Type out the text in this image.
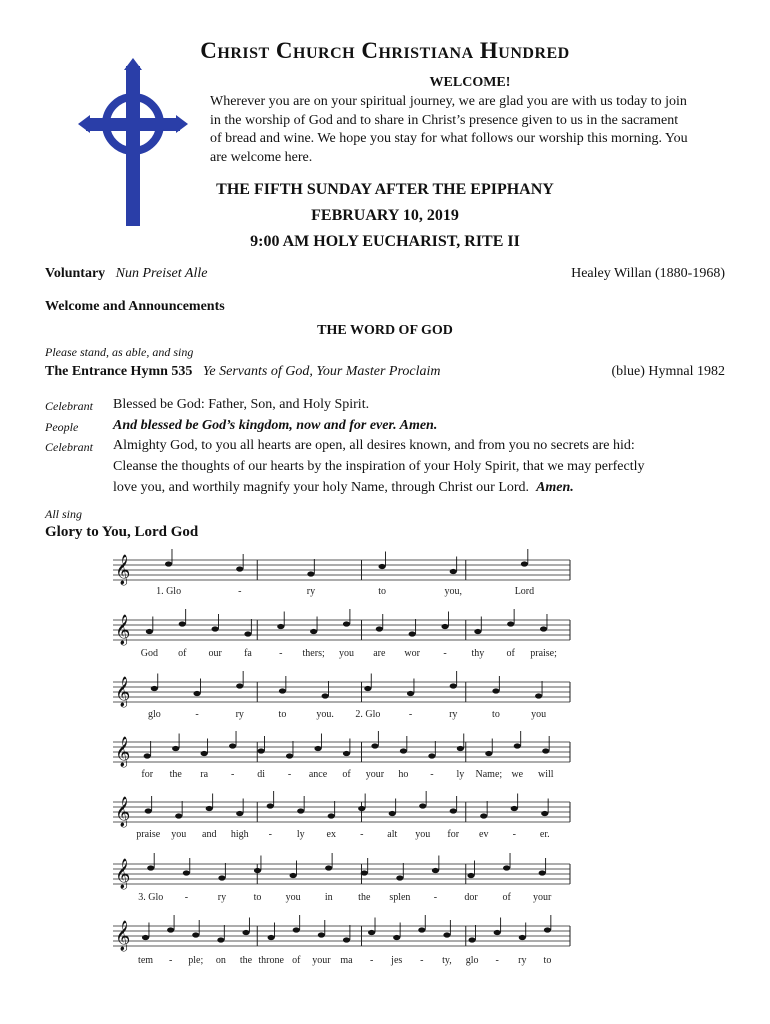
Christ Church Christiana Hundred
WELCOME!
Wherever you are on your spiritual journey, we are glad you are with us today to join
in the worship of God and to share in Christ’s presence given to us in the sacrament
of bread and wine. We hope you stay for what follows our worship this morning. You
are welcome here.
THE FIFTH SUNDAY AFTER THE EPIPHANY
FEBRUARY 10, 2019
9:00 AM HOLY EUCHARIST, RITE II
Voluntary Nun Preiset Alle	Healey Willan (1880-1968)
Welcome and Announcements
THE WORD OF GOD
Please stand, as able, and sing
The Entrance Hymn 535 Ye Servants of God, Your Master Proclaim	(blue) Hymnal 1982
Celebrant Blessed be God: Father, Son, and Holy Spirit.
People And blessed be God’s kingdom, now and for ever. Amen.
Celebrant Almighty God, to you all hearts are open, all desires known, and from you no secrets are hid:
Cleanse the thoughts of our hearts by the inspiration of your Holy Spirit, that we may perfectly
love you, and worthily magnify your holy Name, through Christ our Lord. Amen.
All sing
Glory to You, Lord God
𝄞
1. Glo	-	ry	to	you,	Lord
𝄞
God of our fa	- thers; you are wor - thy of praise;
𝄞
glo	-	ry	to	you. 2. Glo	-	ry	to	you
𝄞
for the ra - di - ance of your ho - ly Name; we will
𝄞
praise you and high - ly ex - alt you for ev - er.
𝄞
3. Glo -	ry	to you in	the splen -	dor of your
𝄞
tem - ple; on the throne of your ma - jes - ty, glo - ry to
